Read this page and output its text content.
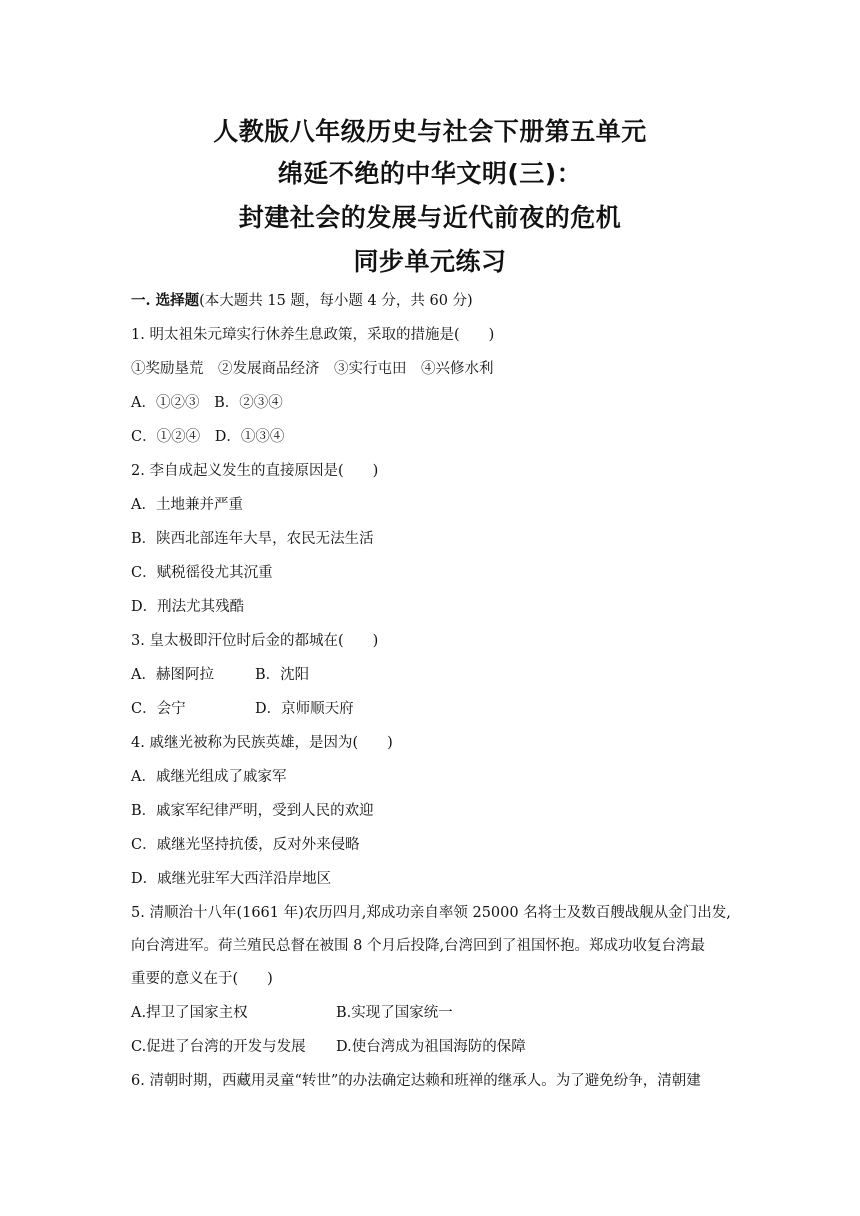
人教版八年级历史与社会下册第五单元
绵延不绝的中华文明(三)：
封建社会的发展与近代前夜的危机
同步单元练习
一. 选择题(本大题共 15 题，每小题 4 分，共 60 分)
1. 明太祖朱元璋实行休养生息政策，采取的措施是(　　)
①奖励垦荒　②发展商品经济　③实行屯田　④兴修水利
A．①②③ B．②③④
C．①②④ D．①③④
2. 李自成起义发生的直接原因是(　　)
A．土地兼并严重
B．陕西北部连年大旱，农民无法生活
C．赋税徭役尤其沉重
D．刑法尤其残酷
3. 皇太极即汗位时后金的都城在(　　)
A．赫图阿拉	B．沈阳
C．会宁	D．京师顺天府
4. 戚继光被称为民族英雄，是因为(　　)
A．戚继光组成了戚家军
B．戚家军纪律严明，受到人民的欢迎
C．戚继光坚持抗倭，反对外来侵略
D．戚继光驻军大西洋沿岸地区
5. 清顺治十八年(1661 年)农历四月,郑成功亲自率领 25000 名将士及数百艘战舰从金门出发,
向台湾进军。荷兰殖民总督在被围 8 个月后投降,台湾回到了祖国怀抱。郑成功收复台湾最
重要的意义在于(　　)
A.捍卫了国家主权	B.实现了国家统一
C.促进了台湾的开发与发展 D.使台湾成为祖国海防的保障
6. 清朝时期，西藏用灵童“转世”的办法确定达赖和班禅的继承人。为了避免纷争，清朝建
